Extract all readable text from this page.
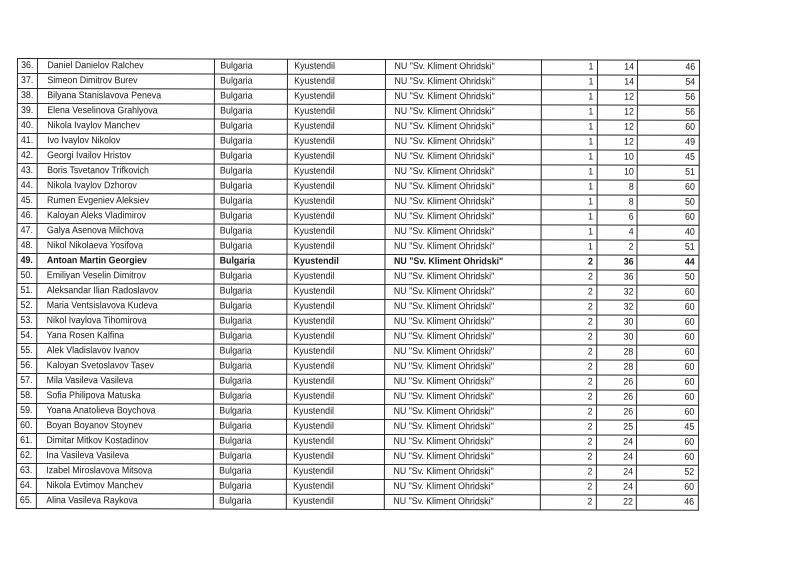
36.	Daniel Danielov Ralchev	Bulgaria	Kyustendil	NU "Sv. Kliment Ohridski"	1	14	46
37.	Simeon Dimitrov Burev	Bulgaria	Kyustendil	NU "Sv. Kliment Ohridski"	1	14	54
38.	Bilyana Stanislavova Peneva	Bulgaria	Kyustendil	NU "Sv. Kliment Ohridski"	1	12	56
39.	Elena Veselinova Grahlyova	Bulgaria	Kyustendil	NU "Sv. Kliment Ohridski"	1	12	56
40.	Nikola Ivaylov Manchev	Bulgaria	Kyustendil	NU "Sv. Kliment Ohridski"	1	12	60
41.	Ivo Ivaylov Nikolov	Bulgaria	Kyustendil	NU "Sv. Kliment Ohridski"	1	12	49
42.	Georgi Ivailov Hristov	Bulgaria	Kyustendil	NU "Sv. Kliment Ohridski"	1	10	45
43.	Boris Tsvetanov Trifkovich	Bulgaria	Kyustendil	NU "Sv. Kliment Ohridski"	1	10	51
44.	Nikola Ivaylov Dzhorov	Bulgaria	Kyustendil	NU "Sv. Kliment Ohridski"	1	8	60
45.	Rumen Evgeniev Aleksiev	Bulgaria	Kyustendil	NU "Sv. Kliment Ohridski"	1	8	50
46.	Kaloyan Aleks Vladimirov	Bulgaria	Kyustendil	NU "Sv. Kliment Ohridski"	1	6	60
47.	Galya Asenova Milchova	Bulgaria	Kyustendil	NU "Sv. Kliment Ohridski"	1	4	40
48.	Nikol Nikolaeva Yosifova	Bulgaria	Kyustendil	NU "Sv. Kliment Ohridski"	1	2	51
49.	Antoan Martin Georgiev	Bulgaria	Kyustendil	NU "Sv. Kliment Ohridski"	2	36	44
50.	Emiliyan Veselin Dimitrov	Bulgaria	Kyustendil	NU "Sv. Kliment Ohridski"	2	36	50
51.	Aleksandar Ilian Radoslavov	Bulgaria	Kyustendil	NU "Sv. Kliment Ohridski"	2	32	60
52.	Maria Ventsislavova Kudeva	Bulgaria	Kyustendil	NU "Sv. Kliment Ohridski"	2	32	60
53.	Nikol Ivaylova Tihomirova	Bulgaria	Kyustendil	NU "Sv. Kliment Ohridski"	2	30	60
54.	Yana Rosen Kalfina	Bulgaria	Kyustendil	NU "Sv. Kliment Ohridski"	2	30	60
55.	Alek Vladislavov Ivanov	Bulgaria	Kyustendil	NU "Sv. Kliment Ohridski"	2	28	60
56.	Kaloyan Svetoslavov Tasev	Bulgaria	Kyustendil	NU "Sv. Kliment Ohridski"	2	28	60
57.	Mila Vasileva Vasileva	Bulgaria	Kyustendil	NU "Sv. Kliment Ohridski"	2	26	60
58.	Sofia Philipova Matuska	Bulgaria	Kyustendil	NU "Sv. Kliment Ohridski"	2	26	60
59.	Yoana Anatolieva Boychova	Bulgaria	Kyustendil	NU "Sv. Kliment Ohridski"	2	26	60
60.	Boyan Boyanov Stoynev	Bulgaria	Kyustendil	NU "Sv. Kliment Ohridski"	2	25	45
61.	Dimitar Mitkov Kostadinov	Bulgaria	Kyustendil	NU "Sv. Kliment Ohridski"	2	24	60
62.	Ina Vasileva Vasileva	Bulgaria	Kyustendil	NU "Sv. Kliment Ohridski"	2	24	60
63.	Izabel Miroslavova Mitsova	Bulgaria	Kyustendil	NU "Sv. Kliment Ohridski"	2	24	52
64.	Nikola Evtimov Manchev	Bulgaria	Kyustendil	NU "Sv. Kliment Ohridski"	2	24	60
65.	Alina Vasileva Raykova	Bulgaria	Kyustendil	NU "Sv. Kliment Ohridski"	2	22	46
